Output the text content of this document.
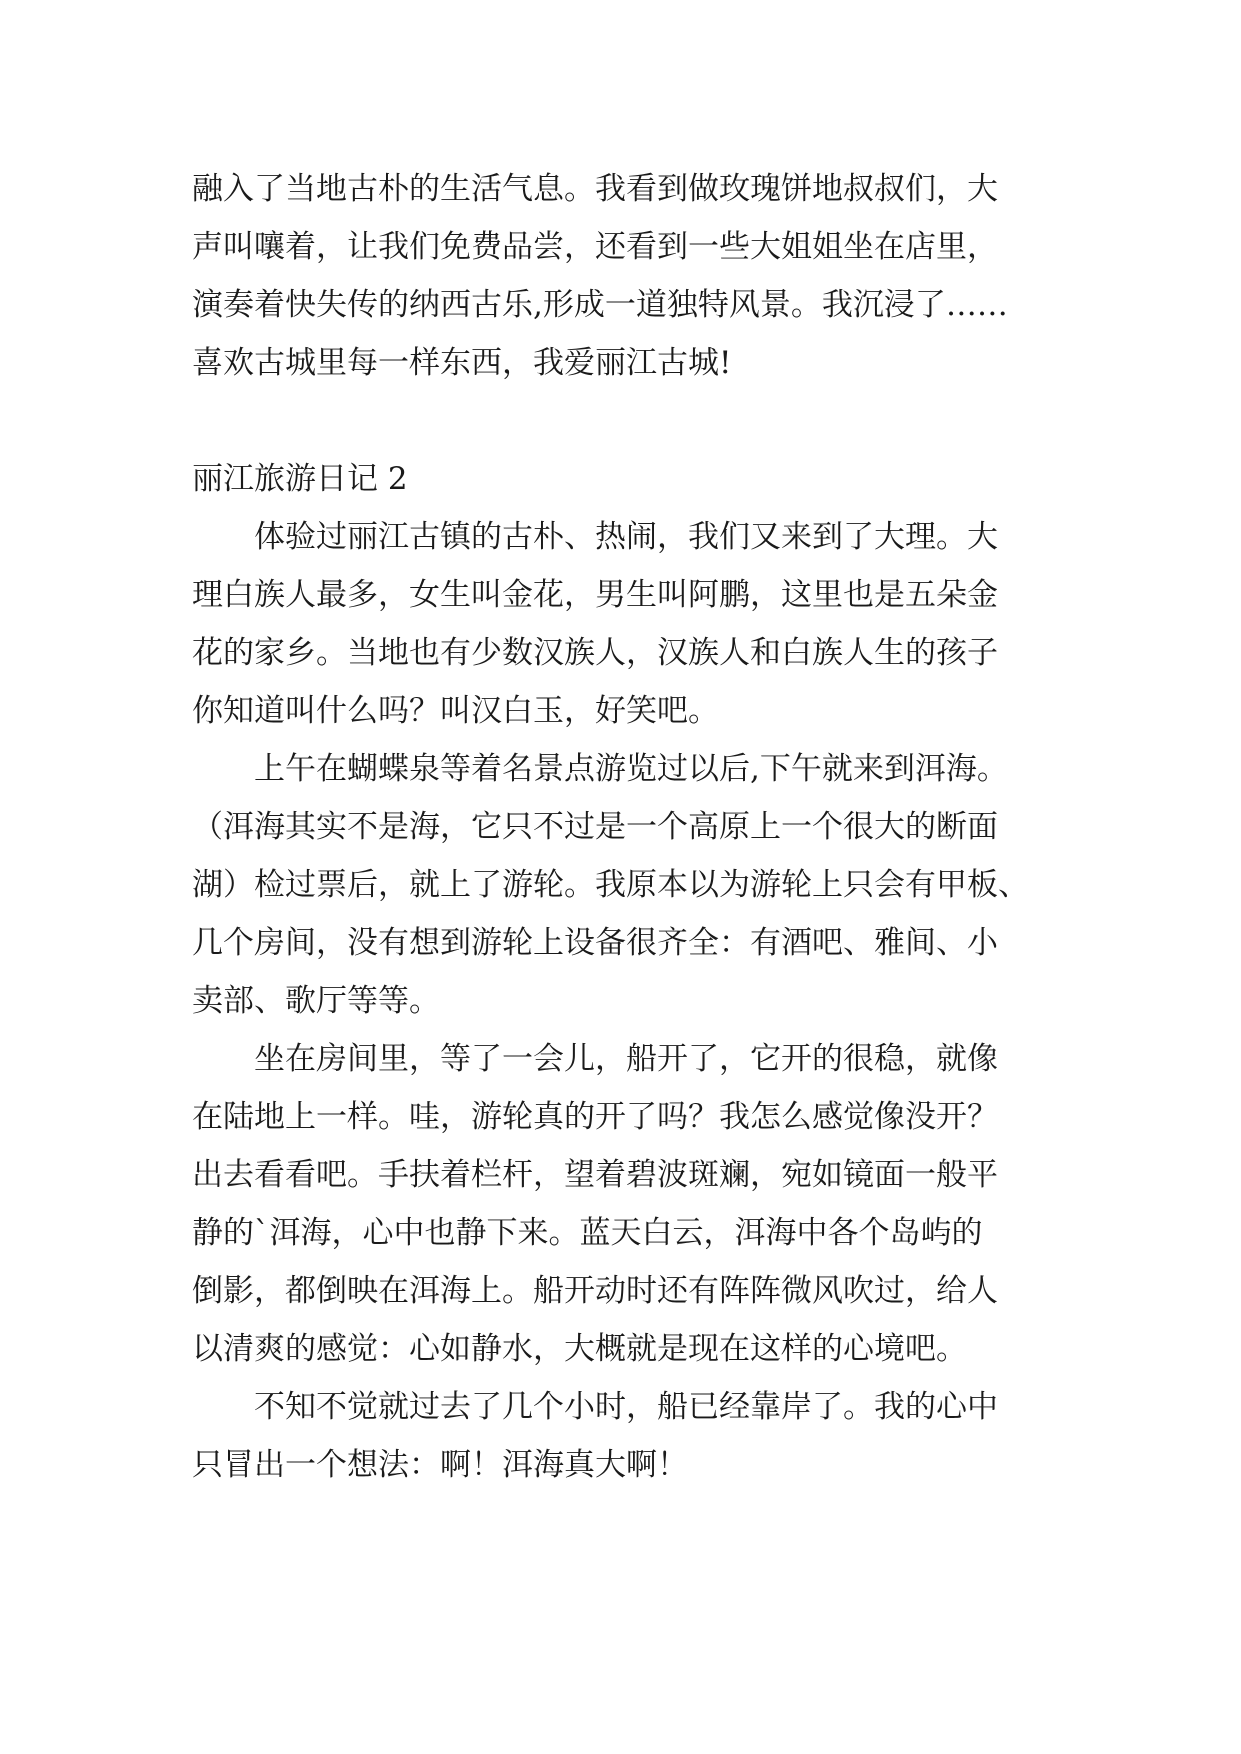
融入了当地古朴的生活气息。我看到做玫瑰饼地叔叔们，大
声叫嚷着，让我们免费品尝，还看到一些大姐姐坐在店里，
演奏着快失传的纳西古乐,形成一道独特风景。我沉浸了……
喜欢古城里每一样东西，我爱丽江古城!
丽江旅游日记 2
体验过丽江古镇的古朴、热闹，我们又来到了大理。大
理白族人最多，女生叫金花，男生叫阿鹏，这里也是五朵金
花的家乡。当地也有少数汉族人，汉族人和白族人生的孩子
你知道叫什么吗？叫汉白玉，好笑吧。
上午在蝴蝶泉等着名景点游览过以后,下午就来到洱海。
（洱海其实不是海，它只不过是一个高原上一个很大的断面
湖）检过票后，就上了游轮。我原本以为游轮上只会有甲板、
几个房间，没有想到游轮上设备很齐全：有酒吧、雅间、小
卖部、歌厅等等。
坐在房间里，等了一会儿，船开了，它开的很稳，就像
在陆地上一样。哇，游轮真的开了吗？我怎么感觉像没开？
出去看看吧。手扶着栏杆，望着碧波斑斓，宛如镜面一般平
静的`洱海，心中也静下来。蓝天白云，洱海中各个岛屿的
倒影，都倒映在洱海上。船开动时还有阵阵微风吹过，给人
以清爽的感觉：心如静水，大概就是现在这样的心境吧。
不知不觉就过去了几个小时，船已经靠岸了。我的心中
只冒出一个想法：啊！洱海真大啊！
